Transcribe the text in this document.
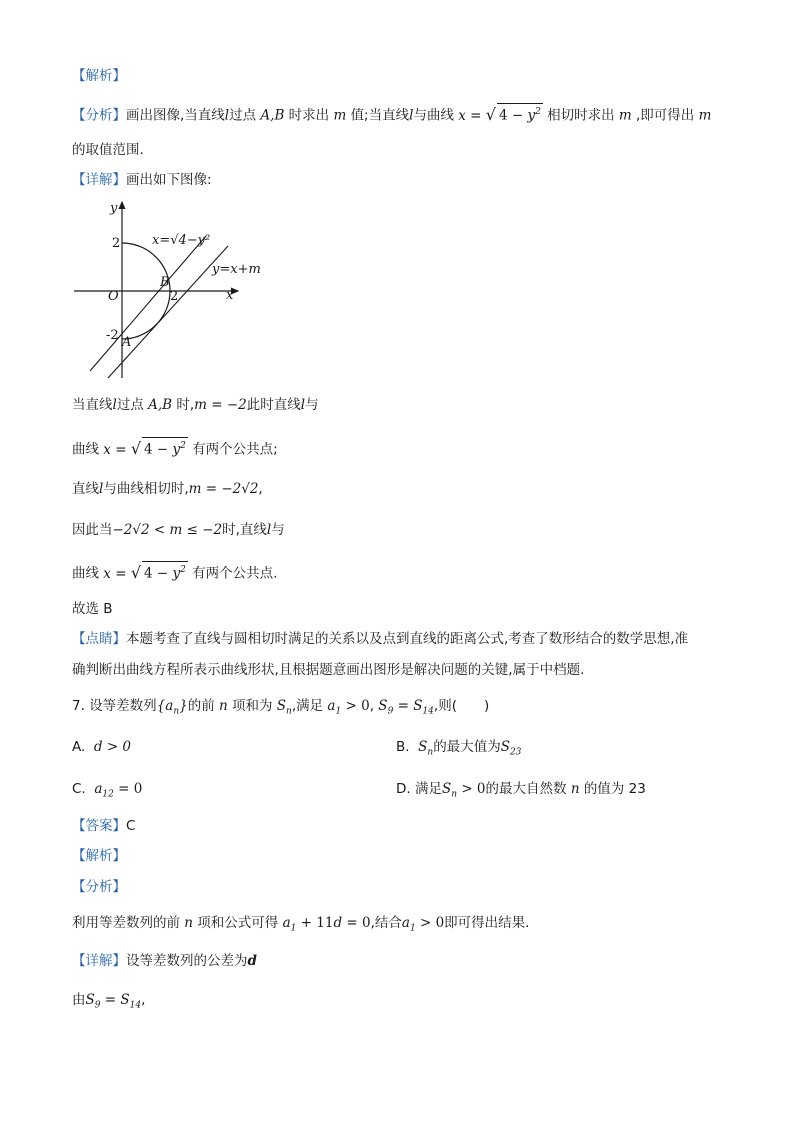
【解析】
【分析】画出图像,当直线l过点 A,B 时求出 m 值;当直线l与曲线 x = √ $4 - y^2$ 相切时求出 m ,即可得出 m
的取值范围.
【详解】画出如下图像:
y
x
O
2
2
-2 A
B
x=√4−y²
y=x+m
当直线l过点 A,B 时,m = −2此时直线l与
曲线 x = √ $4 - y^2$ 有两个公共点;
直线l与曲线相切时,m = −2√2,
因此当−2√2 < m ≤ −2时,直线l与
曲线 x = √ $4 - y^2$ 有两个公共点.
故选 B
【点睛】本题考查了直线与圆相切时满足的关系以及点到直线的距离公式,考查了数形结合的数学思想,准
确判断出曲线方程所表示曲线形状,且根据题意画出图形是解决问题的关键,属于中档题.
7. 设等差数列$\{a_n\}$的前 n 项和为 $S_n$,满足 $a_1 > 0$, $S_9 = S_{14}$,则(   )
A. d > 0	B. $S_n$的最大值为$S_{23}$
C. $a_{12} = 0$	D. 满足$S_n > 0$的最大自然数 n 的值为 23
【答案】C
【解析】
【分析】
利用等差数列的前 n 项和公式可得 $a_1 + 11d = 0$,结合$a_1 > 0$即可得出结果.
【详解】设等差数列的公差为d
由$S_9 = S_{14}$,
